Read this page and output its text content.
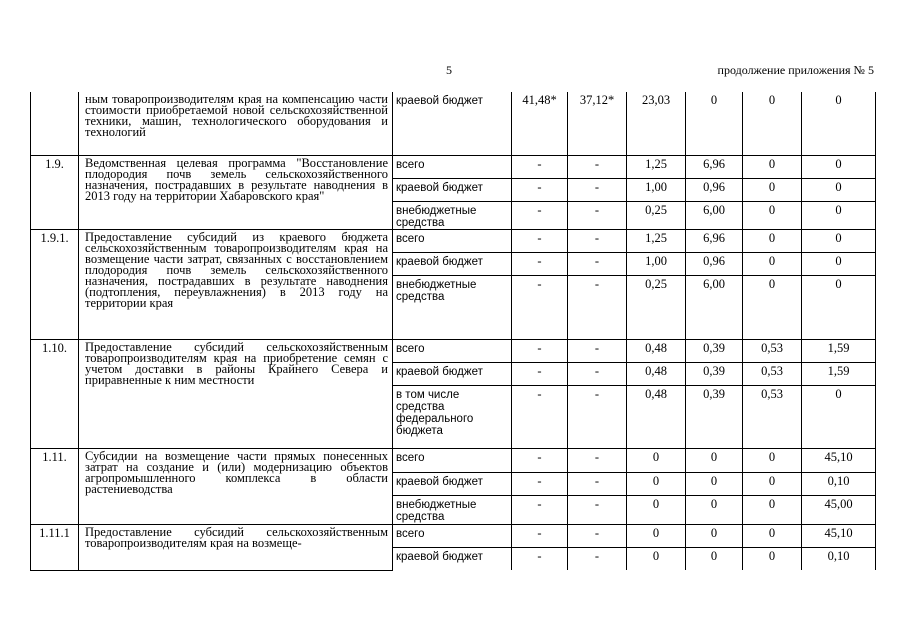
5	продолжение приложения № 5
	ным товаропроизводителям края на компенсацию части стоимости приобретаемой новой сельскохозяйственной техники, машин, технологического оборудования и технологий	краевой бюджет	41,48*	37,12*	23,03	0	0	0
1.9.	Ведомственная целевая программа "Восстановление плодородия почв земель сельскохозяйственного назначения, пострадавших в результате наводнения в 2013 году на территории Хабаровского края"	всего	-	-	1,25	6,96	0	0
		краевой бюджет	-	-	1,00	0,96	0	0
		внебюджетные средства	-	-	0,25	6,00	0	0
1.9.1.	Предоставление субсидий из краевого бюджета сельскохозяйственным товаропроизводителям края на возмещение части затрат, связанных с восстановлением плодородия почв земель сельскохозяйственного назначения, пострадавших в результате наводнения (подтопления, переувлажнения) в 2013 году на территории края	всего	-	-	1,25	6,96	0	0
		краевой бюджет	-	-	1,00	0,96	0	0
		внебюджетные средства	-	-	0,25	6,00	0	0
1.10.	Предоставление субсидий сельскохозяйственным товаропроизводителям края на приобретение семян с учетом доставки в районы Крайнего Севера и приравненные к ним местности	всего	-	-	0,48	0,39	0,53	1,59
		краевой бюджет	-	-	0,48	0,39	0,53	1,59
		в том числе средства федерального бюджета	-	-	0,48	0,39	0,53	0
1.11.	Субсидии на возмещение части прямых понесенных затрат на создание и (или) модернизацию объектов агропромышленного комплекса в области растениеводства	всего	-	-	0	0	0	45,10
		краевой бюджет	-	-	0	0	0	0,10
		внебюджетные средства	-	-	0	0	0	45,00
1.11.1	Предоставление субсидий сельскохозяйственным товаропроизводителям края на возмеще-	всего	-	-	0	0	0	45,10
		краевой бюджет	-	-	0	0	0	0,10
